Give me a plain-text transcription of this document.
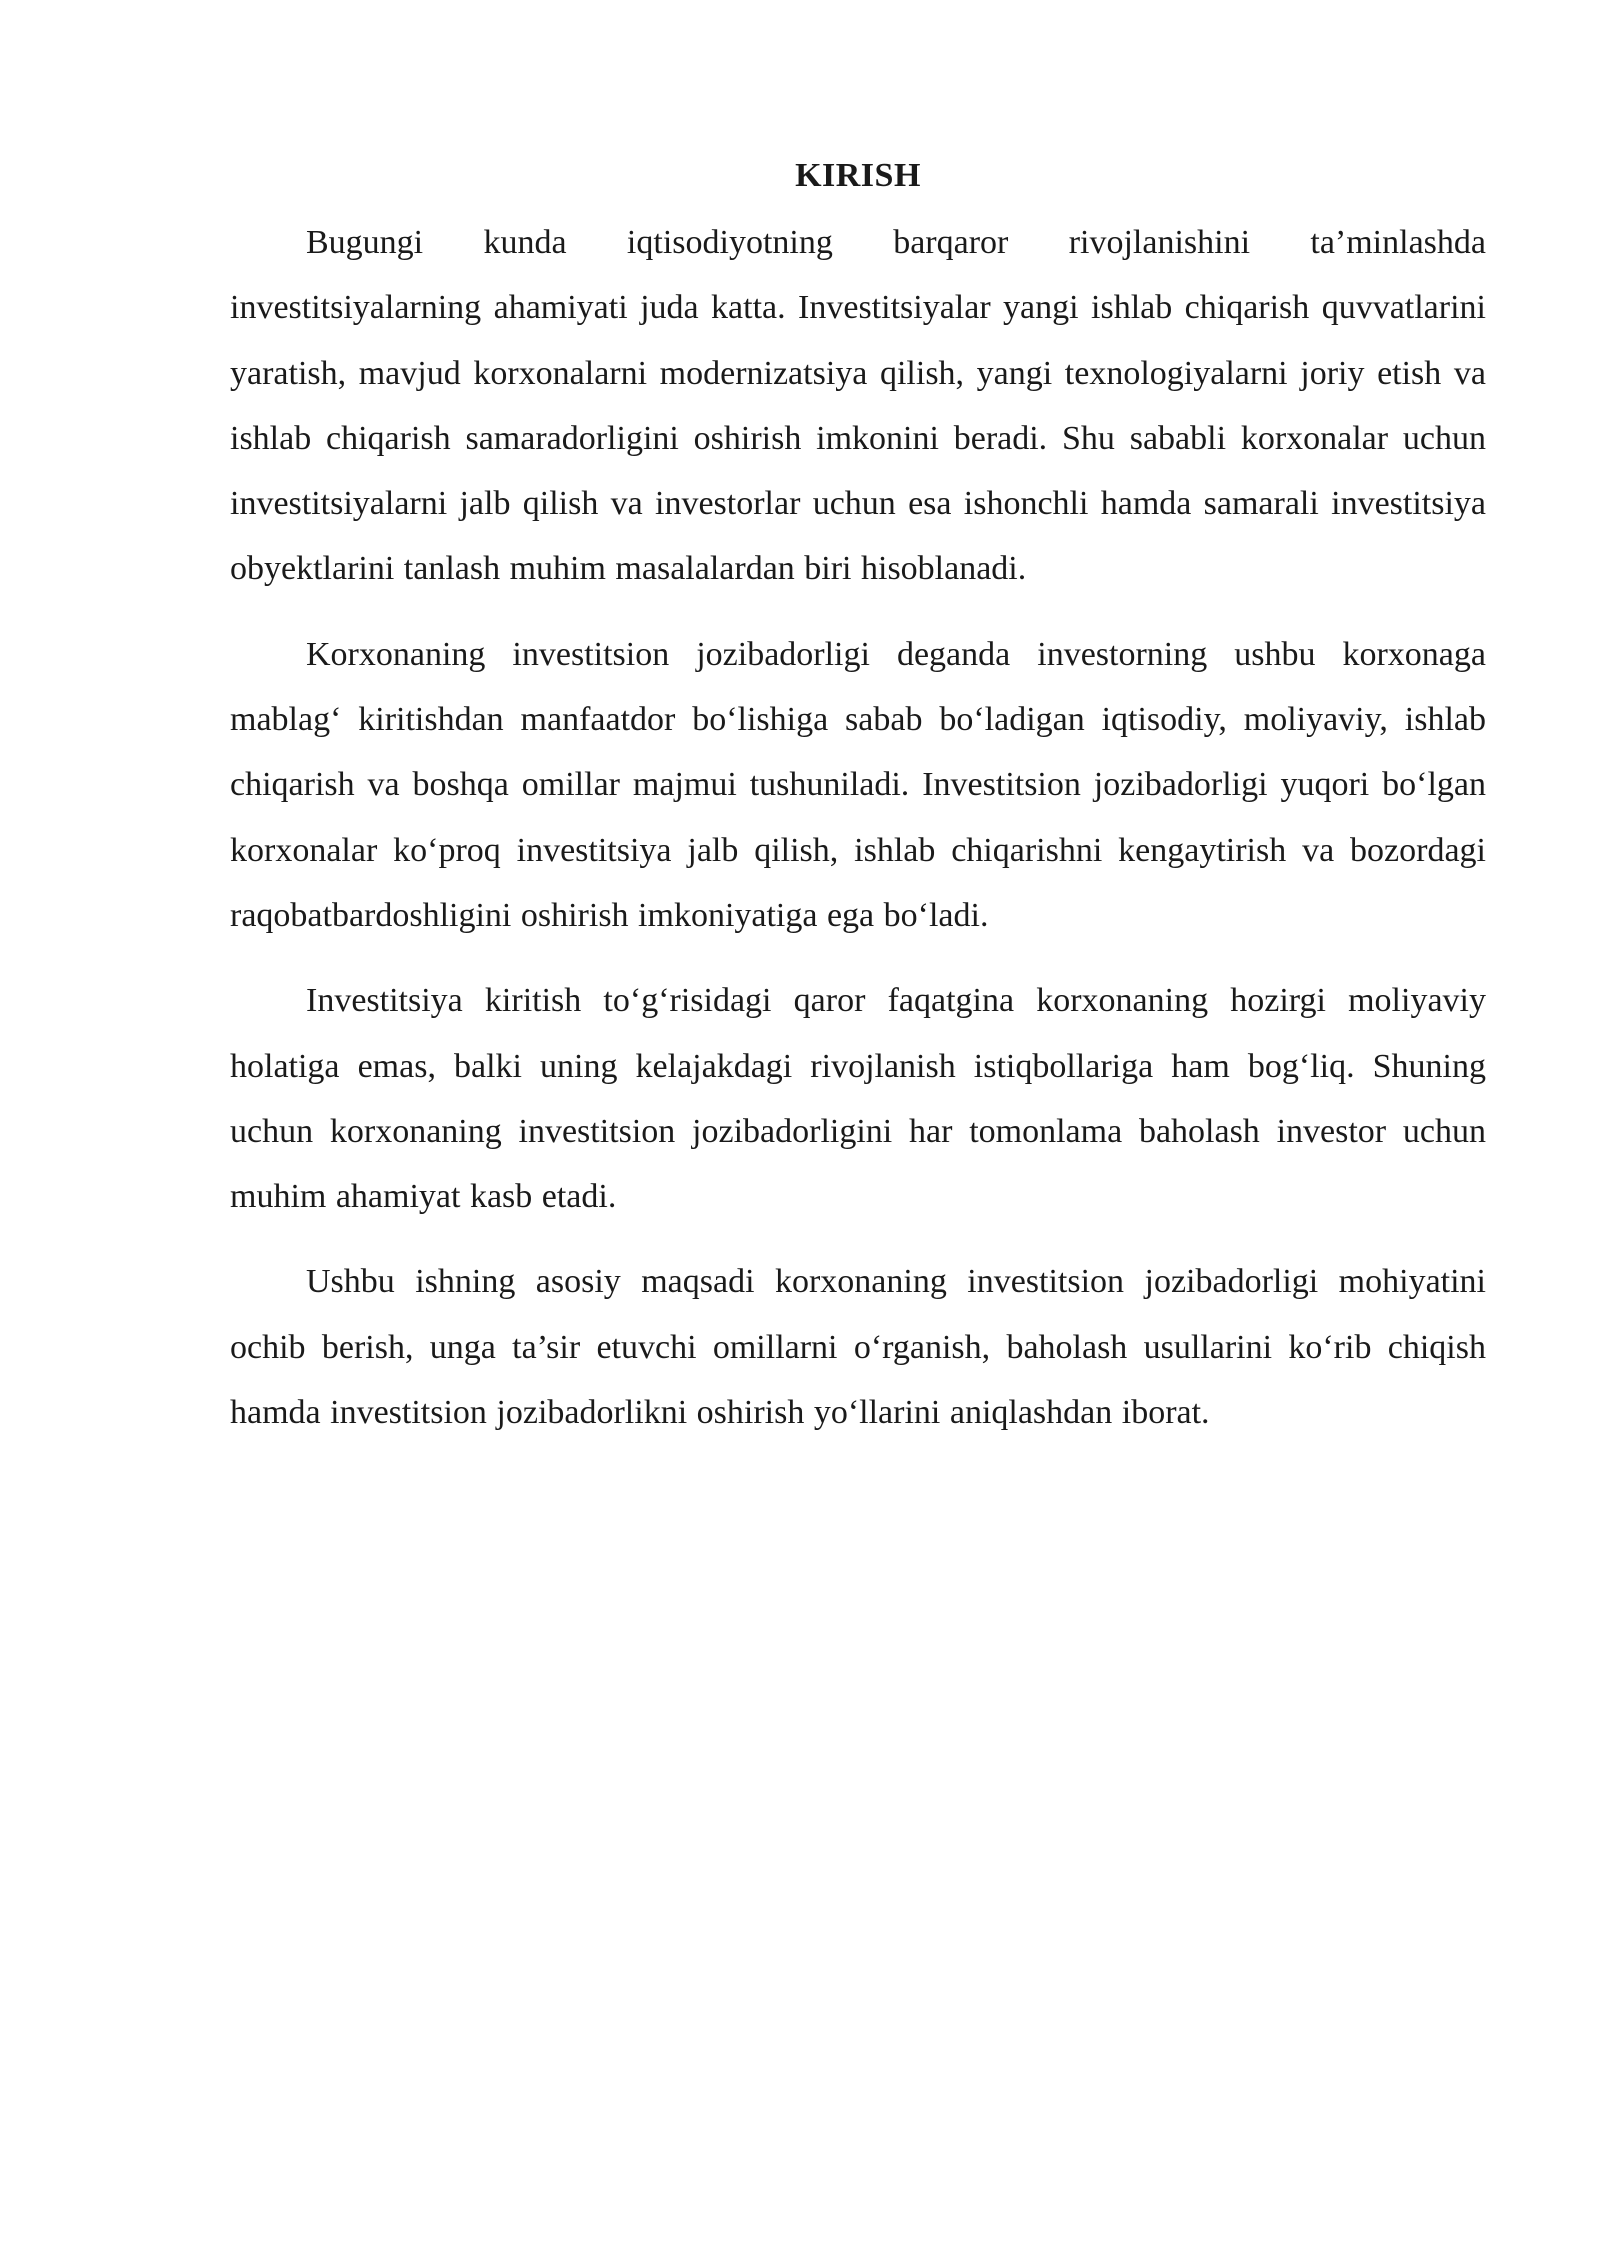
KIRISH

Bugungi kunda iqtisodiyotning barqaror rivojlanishini ta’minlashda investitsiyalarning ahamiyati juda katta. Investitsiyalar yangi ishlab chiqarish quvvatlarini yaratish, mavjud korxonalarni modernizatsiya qilish, yangi texnologiyalarni joriy etish va ishlab chiqarish samaradorligini oshirish imkonini beradi. Shu sababli korxonalar uchun investitsiyalarni jalb qilish va investorlar uchun esa ishonchli hamda samarali investitsiya obyektlarini tanlash muhim masalalardan biri hisoblanadi.

Korxonaning investitsion jozibadorligi deganda investorning ushbu korxonaga mablag‘ kiritishdan manfaatdor bo‘lishiga sabab bo‘ladigan iqtisodiy, moliyaviy, ishlab chiqarish va boshqa omillar majmui tushuniladi. Investitsion jozibadorligi yuqori bo‘lgan korxonalar ko‘proq investitsiya jalb qilish, ishlab chiqarishni kengaytirish va bozordagi raqobatbardoshligini oshirish imkoniyatiga ega bo‘ladi.

Investitsiya kiritish to‘g‘risidagi qaror faqatgina korxonaning hozirgi moliyaviy holatiga emas, balki uning kelajakdagi rivojlanish istiqbollariga ham bog‘liq. Shuning uchun korxonaning investitsion jozibadorligini har tomonlama baholash investor uchun muhim ahamiyat kasb etadi.

Ushbu ishning asosiy maqsadi korxonaning investitsion jozibadorligi mohiyatini ochib berish, unga ta’sir etuvchi omillarni o‘rganish, baholash usullarini ko‘rib chiqish hamda investitsion jozibadorlikni oshirish yo‘llarini aniqlashdan iborat.
